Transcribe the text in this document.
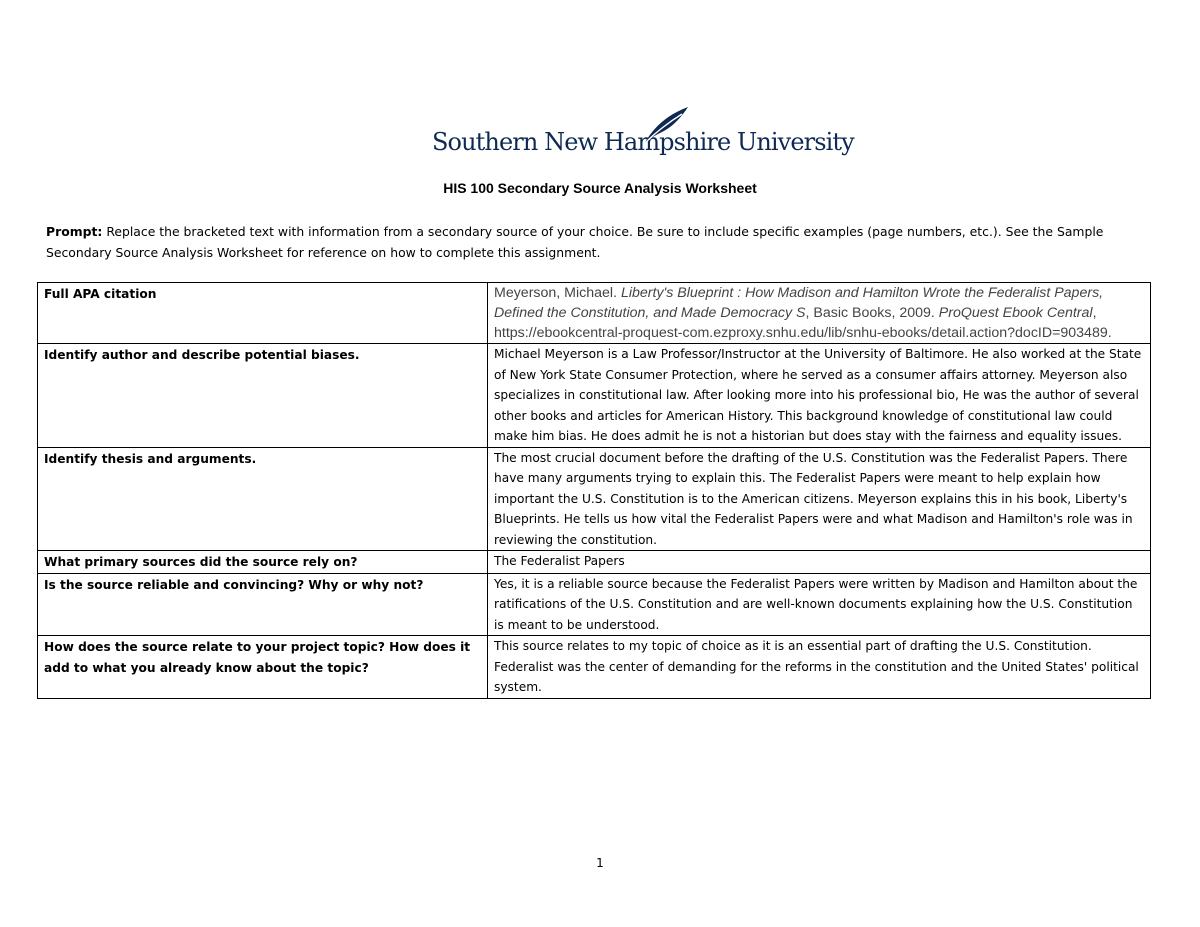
Southern New Hampshire University
HIS 100 Secondary Source Analysis Worksheet
Prompt: Replace the bracketed text with information from a secondary source of your choice. Be sure to include specific examples (page numbers, etc.). See the Sample Secondary Source Analysis Worksheet for reference on how to complete this assignment.
Full APA citation	Meyerson, Michael. Liberty's Blueprint : How Madison and Hamilton Wrote the Federalist Papers, Defined the Constitution, and Made Democracy S, Basic Books, 2009. ProQuest Ebook Central, https://ebookcentral-proquest-com.ezproxy.snhu.edu/lib/snhu-ebooks/detail.action?docID=903489.

Identify author and describe potential biases.	Michael Meyerson is a Law Professor/Instructor at the University of Baltimore. He also worked at the State of New York State Consumer Protection, where he served as a consumer affairs attorney. Meyerson also specializes in constitutional law. After looking more into his professional bio, He was the author of several other books and articles for American History. This background knowledge of constitutional law could make him bias. He does admit he is not a historian but does stay with the fairness and equality issues.
Identify thesis and arguments.	The most crucial document before the drafting of the U.S. Constitution was the Federalist Papers. There have many arguments trying to explain this. The Federalist Papers were meant to help explain how important the U.S. Constitution is to the American citizens. Meyerson explains this in his book, Liberty's Blueprints. He tells us how vital the Federalist Papers were and what Madison and Hamilton's role was in reviewing the constitution.
What primary sources did the source rely on?	The Federalist Papers
Is the source reliable and convincing? Why or why not?	Yes, it is a reliable source because the Federalist Papers were written by Madison and Hamilton about the ratifications of the U.S. Constitution and are well-known documents explaining how the U.S. Constitution is meant to be understood.
How does the source relate to your project topic? How does it add to what you already know about the topic?	This source relates to my topic of choice as it is an essential part of drafting the U.S. Constitution. Federalist was the center of demanding for the reforms in the constitution and the United States' political system.
1
